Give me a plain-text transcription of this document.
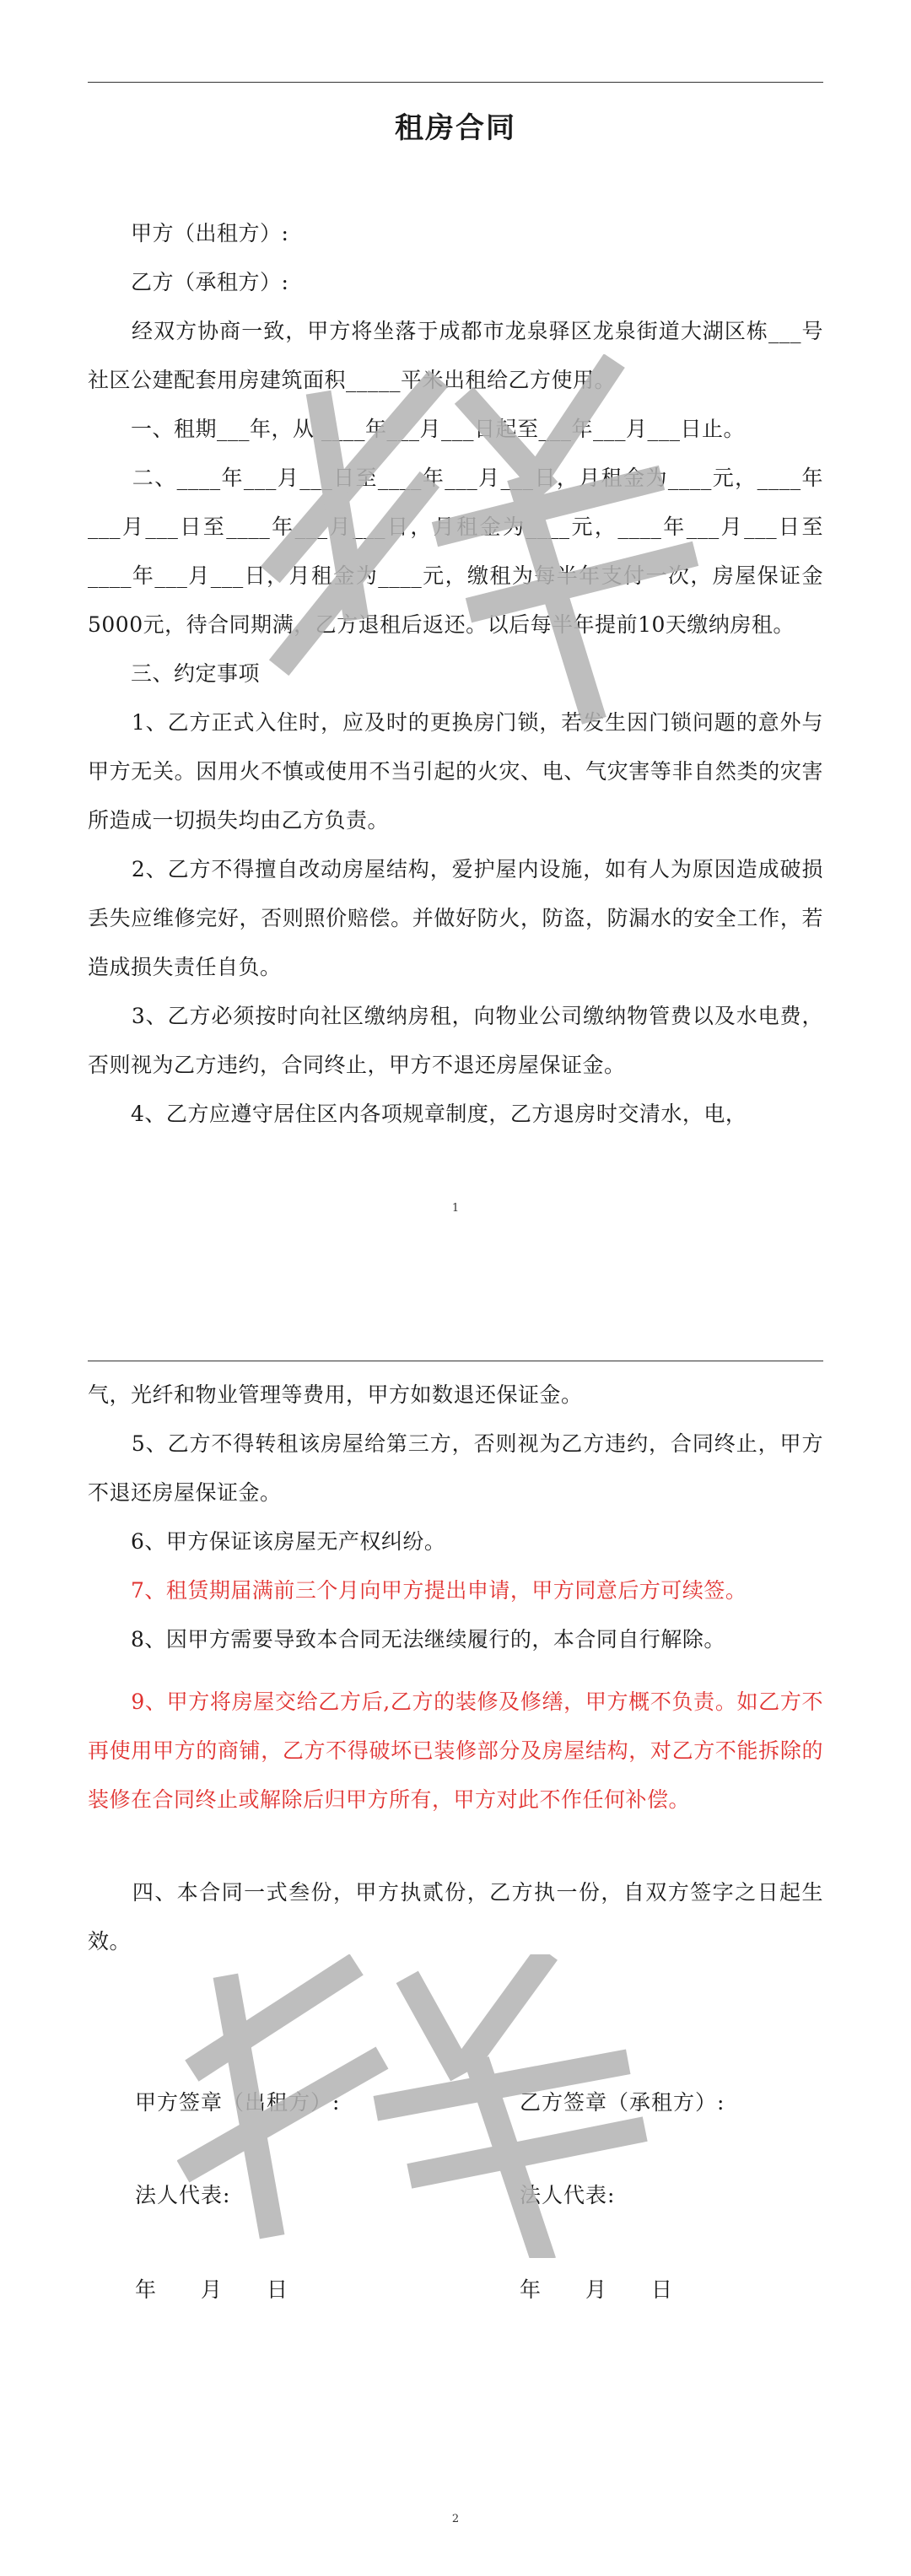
租房合同
　　甲方（出租方）:
　　乙方（承租方）:
　　经双方协商一致，甲方将坐落于成都市龙泉驿区龙泉街道大湖区栋___号社区公建配套用房建筑面积_____平米出租给乙方使用。
　　一、租期___年，从 ____年___月___日起至___年___月___日止。
　　二、____年___月___日至____年___月___日，月租金为____元，____年___月___日至____年___月___日，月租金为____元，____年___月___日至____年___月___日，月租金为____元，缴租为每半年支付一次，房屋保证金5000元，待合同期满，乙方退租后返还。以后每半年提前10天缴纳房租。
　　三、约定事项
　　1、乙方正式入住时，应及时的更换房门锁，若发生因门锁问题的意外与甲方无关。因用火不慎或使用不当引起的火灾、电、气灾害等非自然类的灾害所造成一切损失均由乙方负责。
　　2、乙方不得擅自改动房屋结构，爱护屋内设施，如有人为原因造成破损丢失应维修完好，否则照价赔偿。并做好防火，防盗，防漏水的安全工作，若造成损失责任自负。
　　3、乙方必须按时向社区缴纳房租，向物业公司缴纳物管费以及水电费，否则视为乙方违约，合同终止，甲方不退还房屋保证金。
　　4、乙方应遵守居住区内各项规章制度，乙方退房时交清水，电，
1
气，光纤和物业管理等费用，甲方如数退还保证金。
　　5、乙方不得转租该房屋给第三方，否则视为乙方违约，合同终止，甲方不退还房屋保证金。
　　6、甲方保证该房屋无产权纠纷。
　　7、租赁期届满前三个月向甲方提出申请，甲方同意后方可续签。
　　8、因甲方需要导致本合同无法继续履行的，本合同自行解除。
　　9、甲方将房屋交给乙方后,乙方的装修及修缮，甲方概不负责。如乙方不再使用甲方的商铺，乙方不得破坏已装修部分及房屋结构，对乙方不能拆除的装修在合同终止或解除后归甲方所有，甲方对此不作任何补偿。
　　四、本合同一式叁份，甲方执贰份，乙方执一份，自双方签字之日起生效。
甲方签章（出租方）:	乙方签章（承租方）:
法人代表:	法人代表:
年　　月　　日	年　　月　　日
2
